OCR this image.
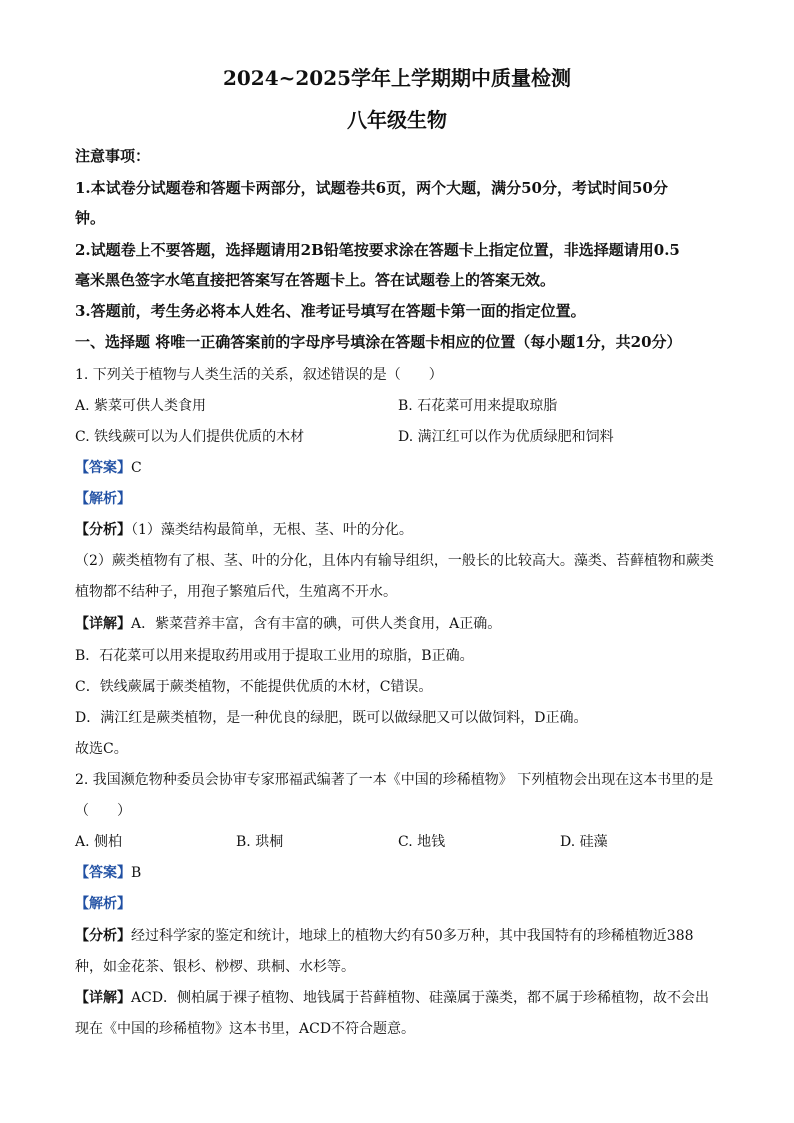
2024~2025学年上学期期中质量检测
八年级生物
注意事项：
1.本试卷分试题卷和答题卡两部分，试题卷共6页，两个大题，满分50分，考试时间50分
钟。
2.试题卷上不要答题，选择题请用2B铅笔按要求涂在答题卡上指定位置，非选择题请用0.5
毫米黑色签字水笔直接把答案写在答题卡上。答在试题卷上的答案无效。
3.答题前，考生务必将本人姓名、准考证号填写在答题卡第一面的指定位置。
一、选择题 将唯一正确答案前的字母序号填涂在答题卡相应的位置（每小题1分，共20分）
1. 下列关于植物与人类生活的关系，叙述错误的是（　　）
A. 紫菜可供人类食用	B. 石花菜可用来提取琼脂
C. 铁线蕨可以为人们提供优质的木材	D. 满江红可以作为优质绿肥和饲料
【答案】C
【解析】
【分析】（1）藻类结构最简单，无根、茎、叶的分化。
（2）蕨类植物有了根、茎、叶的分化，且体内有输导组织，一般长的比较高大。藻类、苔藓植物和蕨类
植物都不结种子，用孢子繁殖后代，生殖离不开水。
【详解】A．紫菜营养丰富，含有丰富的碘，可供人类食用，A正确。
B．石花菜可以用来提取药用或用于提取工业用的琼脂，B正确。
C．铁线蕨属于蕨类植物，不能提供优质的木材，C错误。
D．满江红是蕨类植物，是一种优良的绿肥，既可以做绿肥又可以做饲料，D正确。
故选C。
2. 我国濒危物种委员会协审专家邢福武编著了一本《中国的珍稀植物》 下列植物会出现在这本书里的是
（　　）
A. 侧柏	B. 珙桐	C. 地钱	D. 硅藻
【答案】B
【解析】
【分析】经过科学家的鉴定和统计，地球上的植物大约有50多万种，其中我国特有的珍稀植物近388
种，如金花茶、银杉、桫椤、珙桐、水杉等。
【详解】ACD．侧柏属于裸子植物、地钱属于苔藓植物、硅藻属于藻类，都不属于珍稀植物，故不会出
现在《中国的珍稀植物》这本书里，ACD不符合题意。
